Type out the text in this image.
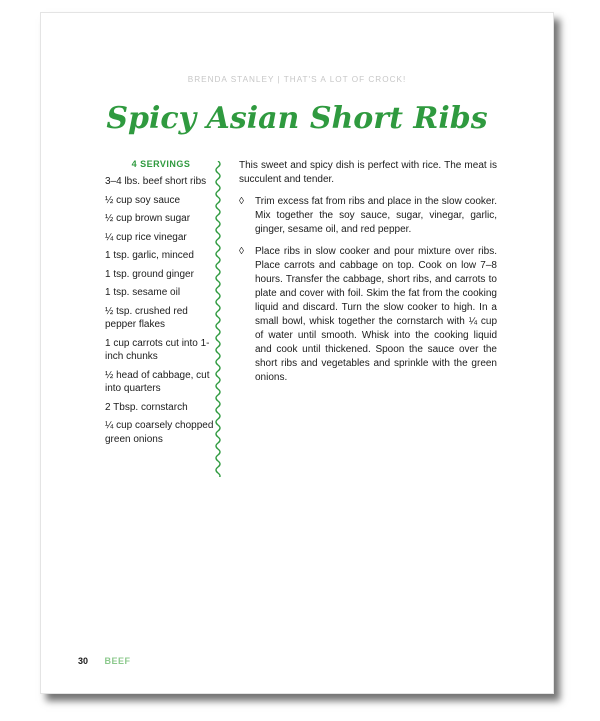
BRENDA STANLEY | THAT'S A LOT OF CROCK!
Spicy Asian Short Ribs
4 SERVINGS
3–4 lbs. beef short ribs
½ cup soy sauce
½ cup brown sugar
¼ cup rice vinegar
1 tsp. garlic, minced
1 tsp. ground ginger
1 tsp. sesame oil
½ tsp. crushed red pepper flakes
1 cup carrots cut into 1-inch chunks
½ head of cabbage, cut into quarters
2 Tbsp. cornstarch
¼ cup coarsely chopped green onions

This sweet and spicy dish is perfect with rice. The meat is succulent and tender.

◊	Trim excess fat from ribs and place in the slow cooker. Mix together the soy sauce, sugar, vinegar, garlic, ginger, sesame oil, and red pepper.

◊	Place ribs in slow cooker and pour mixture over ribs. Place carrots and cabbage on top. Cook on low 7–8 hours. Transfer the cabbage, short ribs, and carrots to plate and cover with foil. Skim the fat from the cooking liquid and discard. Turn the slow cooker to high. In a small bowl, whisk together the cornstarch with ¼ cup of water until smooth. Whisk into the cooking liquid and cook until thickened. Spoon the sauce over the short ribs and vegetables and sprinkle with the green onions.

30 BEEF
